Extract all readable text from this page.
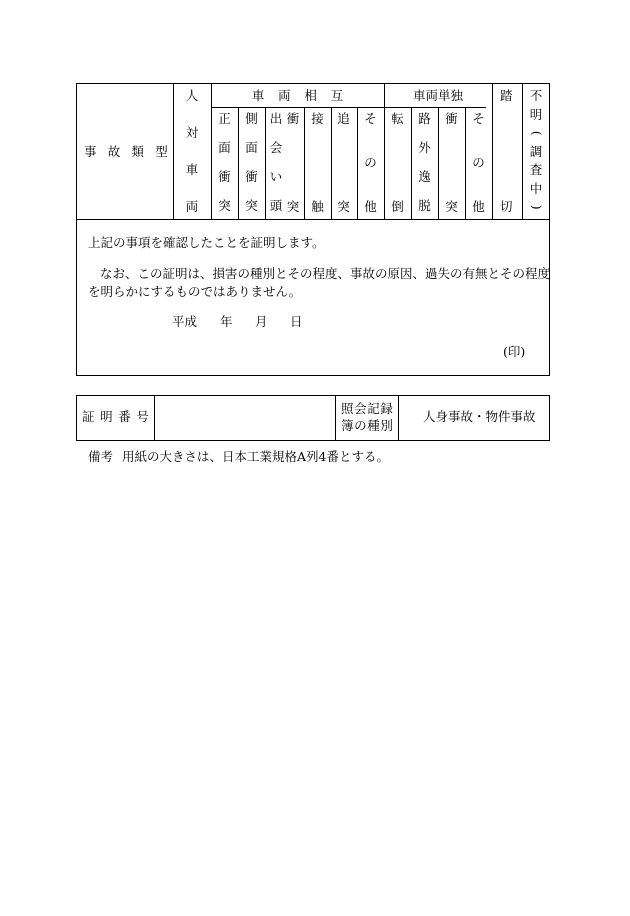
事故類型
人
対
車
両
車両相互	車両単独
正
面
衝
突
側
面
衝
突
出
会
い
頭
衝
突
接
触
追
突
そ
の
他
転
倒
路
外
逸
脱
衝
突
そ
の
他
踏
切
不
明
(
調
査
中
)
上記の事項を確認したことを証明します。
なお、この証明は、損害の種別とその程度、事故の原因、過失の有無とその程度
を明らかにするものではありません。
平成 年 月 日
(印)
証明番号
照会記録
簿の種別
人身事故・物件事故
備考 用紙の大きさは、日本工業規格A列4番とする。
